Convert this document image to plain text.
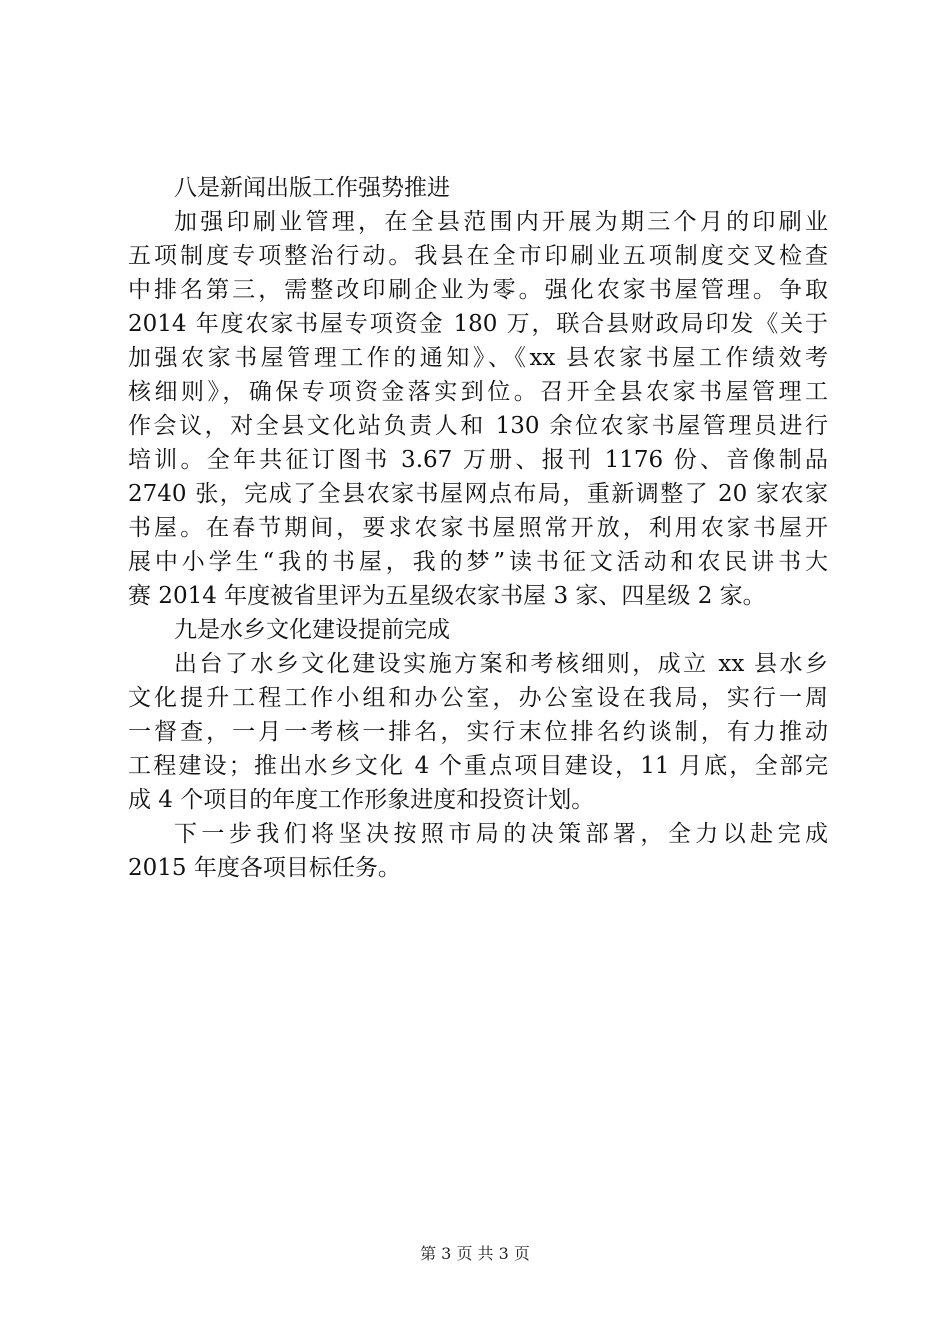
八是新闻出版工作强势推进
加强印刷业管理，在全县范围内开展为期三个月的印刷业
五项制度专项整治行动。我县在全市印刷业五项制度交叉检查
中排名第三，需整改印刷企业为零。强化农家书屋管理。争取
2014 年度农家书屋专项资金 180 万，联合县财政局印发《关于
加强农家书屋管理工作的通知》、《xx 县农家书屋工作绩效考
核细则》，确保专项资金落实到位。召开全县农家书屋管理工
作会议，对全县文化站负责人和 130 余位农家书屋管理员进行
培训。全年共征订图书 3.67 万册、报刊 1176 份、音像制品
2740 张，完成了全县农家书屋网点布局，重新调整了 20 家农家
书屋。在春节期间，要求农家书屋照常开放，利用农家书屋开
展中小学生“我的书屋，我的梦”读书征文活动和农民讲书大
赛 2014 年度被省里评为五星级农家书屋 3 家、四星级 2 家。
九是水乡文化建设提前完成
出台了水乡文化建设实施方案和考核细则，成立 xx 县水乡
文化提升工程工作小组和办公室，办公室设在我局，实行一周
一督查，一月一考核一排名，实行末位排名约谈制，有力推动
工程建设；推出水乡文化 4 个重点项目建设，11 月底，全部完
成 4 个项目的年度工作形象进度和投资计划。
下一步我们将坚决按照市局的决策部署，全力以赴完成
2015 年度各项目标任务。
第 3 页 共 3 页
